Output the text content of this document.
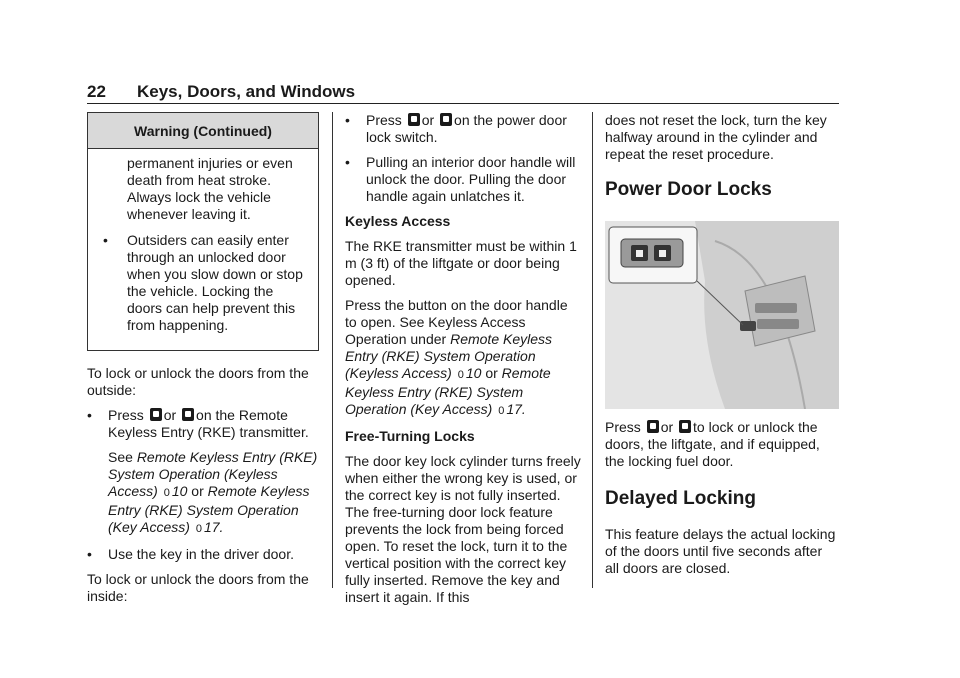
22 Keys, Doors, and Windows
Warning (Continued)

permanent injuries or even death from heat stroke. Always lock the vehicle whenever leaving it.

• Outsiders can easily enter through an unlocked door when you slow down or stop the vehicle. Locking the doors can help prevent this from happening.

To lock or unlock the doors from the outside:

• Press or on the Remote Keyless Entry (RKE) transmitter.
See Remote Keyless Entry (RKE) System Operation (Keyless Access) 0 10 or Remote Keyless Entry (RKE) System Operation (Key Access) 0 17.
• Use the key in the driver door.

To lock or unlock the doors from the inside:

• Press or on the power door lock switch.
• Pulling an interior door handle will unlock the door. Pulling the door handle again unlatches it.
Keyless Access

The RKE transmitter must be within 1 m (3 ft) of the liftgate or door being opened.

Press the button on the door handle to open. See Keyless Access Operation under Remote Keyless Entry (RKE) System Operation (Keyless Access) 0 10 or Remote Keyless Entry (RKE) System Operation (Key Access) 0 17.

Free-Turning Locks

The door key lock cylinder turns freely when either the wrong key is used, or the correct key is not fully inserted. The free-turning door lock feature prevents the lock from being forced open. To reset the lock, turn it to the vertical position with the correct key fully inserted. Remove the key and insert it again. If this

does not reset the lock, turn the key halfway around in the cylinder and repeat the reset procedure.

Power Door Locks

Press or to lock or unlock the doors, the liftgate, and if equipped, the locking fuel door.

Delayed Locking

This feature delays the actual locking of the doors until five seconds after all doors are closed.
